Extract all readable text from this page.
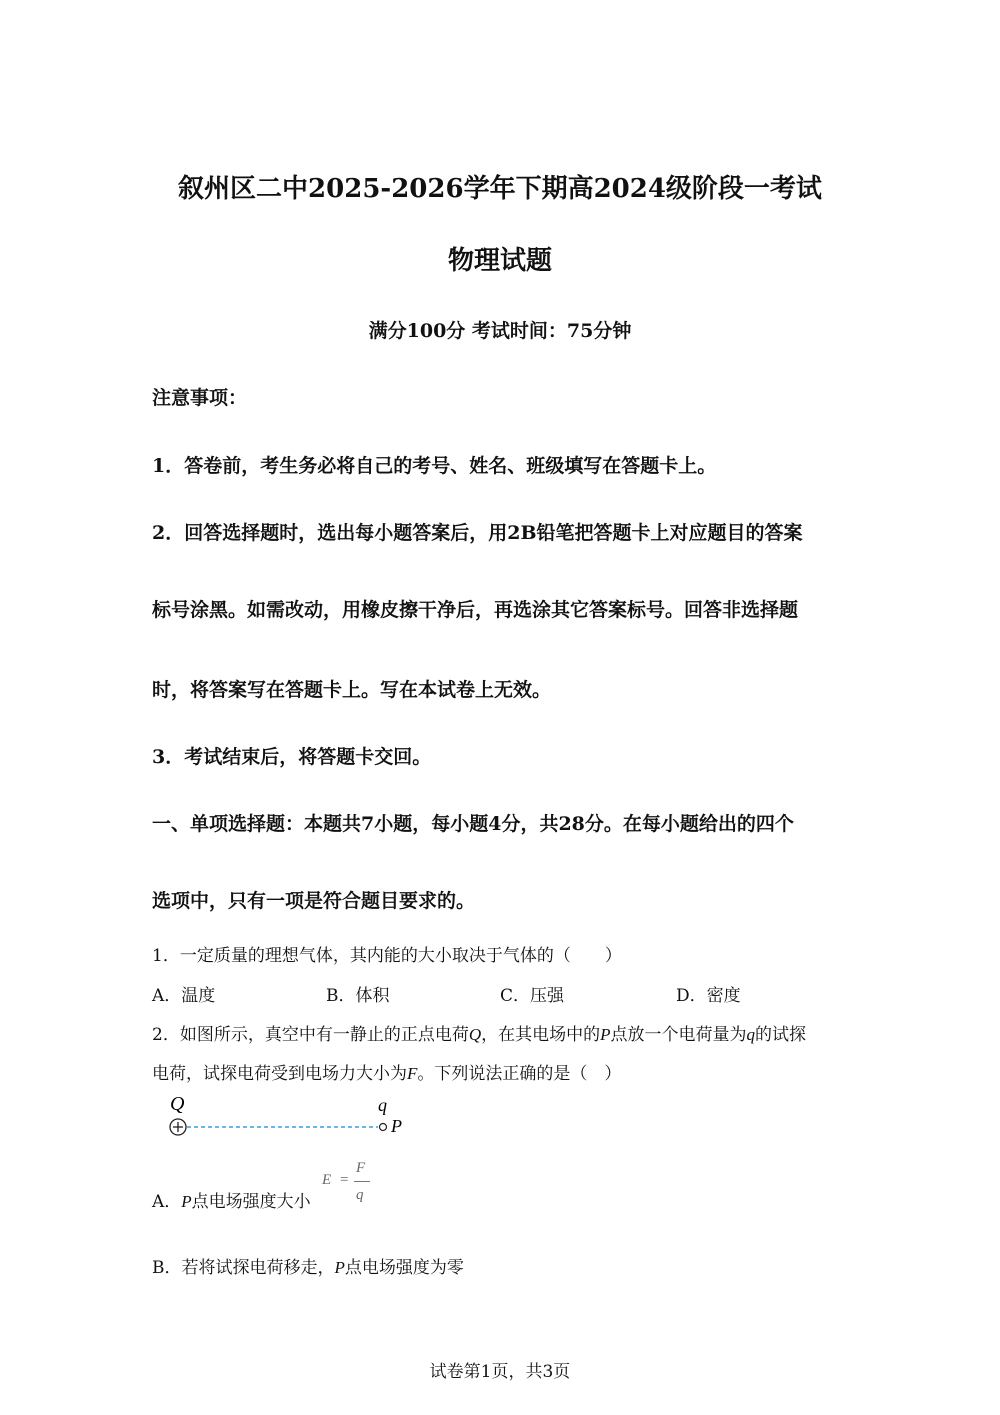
叙州区二中2025-2026学年下期高2024级阶段一考试
物理试题
满分100分 考试时间：75分钟
注意事项：
1．答卷前，考生务必将自己的考号、姓名、班级填写在答题卡上。
2．回答选择题时，选出每小题答案后，用2B铅笔把答题卡上对应题目的答案
标号涂黑。如需改动，用橡皮擦干净后，再选涂其它答案标号。回答非选择题
时，将答案写在答题卡上。写在本试卷上无效。
3．考试结束后，将答题卡交回。
一、单项选择题：本题共7小题，每小题4分，共28分。在每小题给出的四个
选项中，只有一项是符合题目要求的。
1．一定质量的理想气体，其内能的大小取决于气体的（　　）
A．温度	B．体积	C．压强	D．密度
2．如图所示，真空中有一静止的正点电荷Q，在其电场中的P点放一个电荷量为q的试探
电荷，试探电荷受到电场力大小为F。下列说法正确的是（　）
Q	q
P
A．P点电场强度大小
E =
F
q
B．若将试探电荷移走，P点电场强度为零
试卷第1页，共3页
